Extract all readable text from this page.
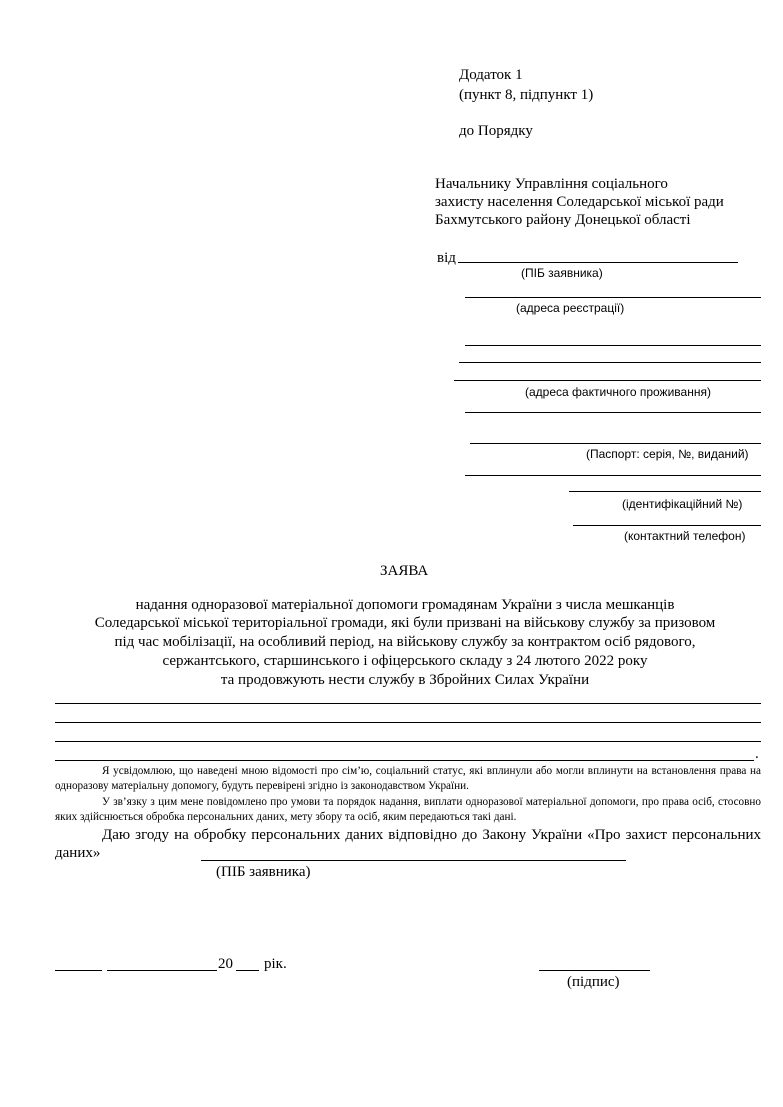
Додаток 1
(пункт 8, підпункт 1)
до Порядку
Начальнику Управління соціального
захисту населення Соледарської міської ради
Бахмутського району Донецької області
від
(ПІБ заявника)
(адреса реєстрації)
(адреса фактичного проживання)
(Паспорт: серія, №, виданий)
(ідентифікаційний №)
(контактний телефон)
ЗАЯВА
надання одноразової матеріальної допомоги громадянам України з числа мешканців
Соледарської міської територіальної громади, які були призвані на військову службу за призовом
під час мобілізації, на особливий період, на військову службу за контрактом осіб рядового,
сержантського, старшинського і офіцерського складу з 24 лютого 2022 року
та продовжують нести службу в Збройних Силах України
.
Я усвідомлюю, що наведені мною відомості про сім’ю, соціальний статус, які вплинули або могли вплинути на встановлення права на одноразову матеріальну допомогу, будуть перевірені згідно із законодавством України.
У зв’язку з цим мене повідомлено про умови та порядок надання, виплати одноразової матеріальної допомоги, про права осіб, стосовно яких здійснюється обробка персональних даних, мету збору та осіб, яким передаються такі дані.
Даю згоду на обробку персональних даних відповідно до Закону України «Про захист персональних даних»
(ПІБ заявника)
20 рік.
(підпис)
